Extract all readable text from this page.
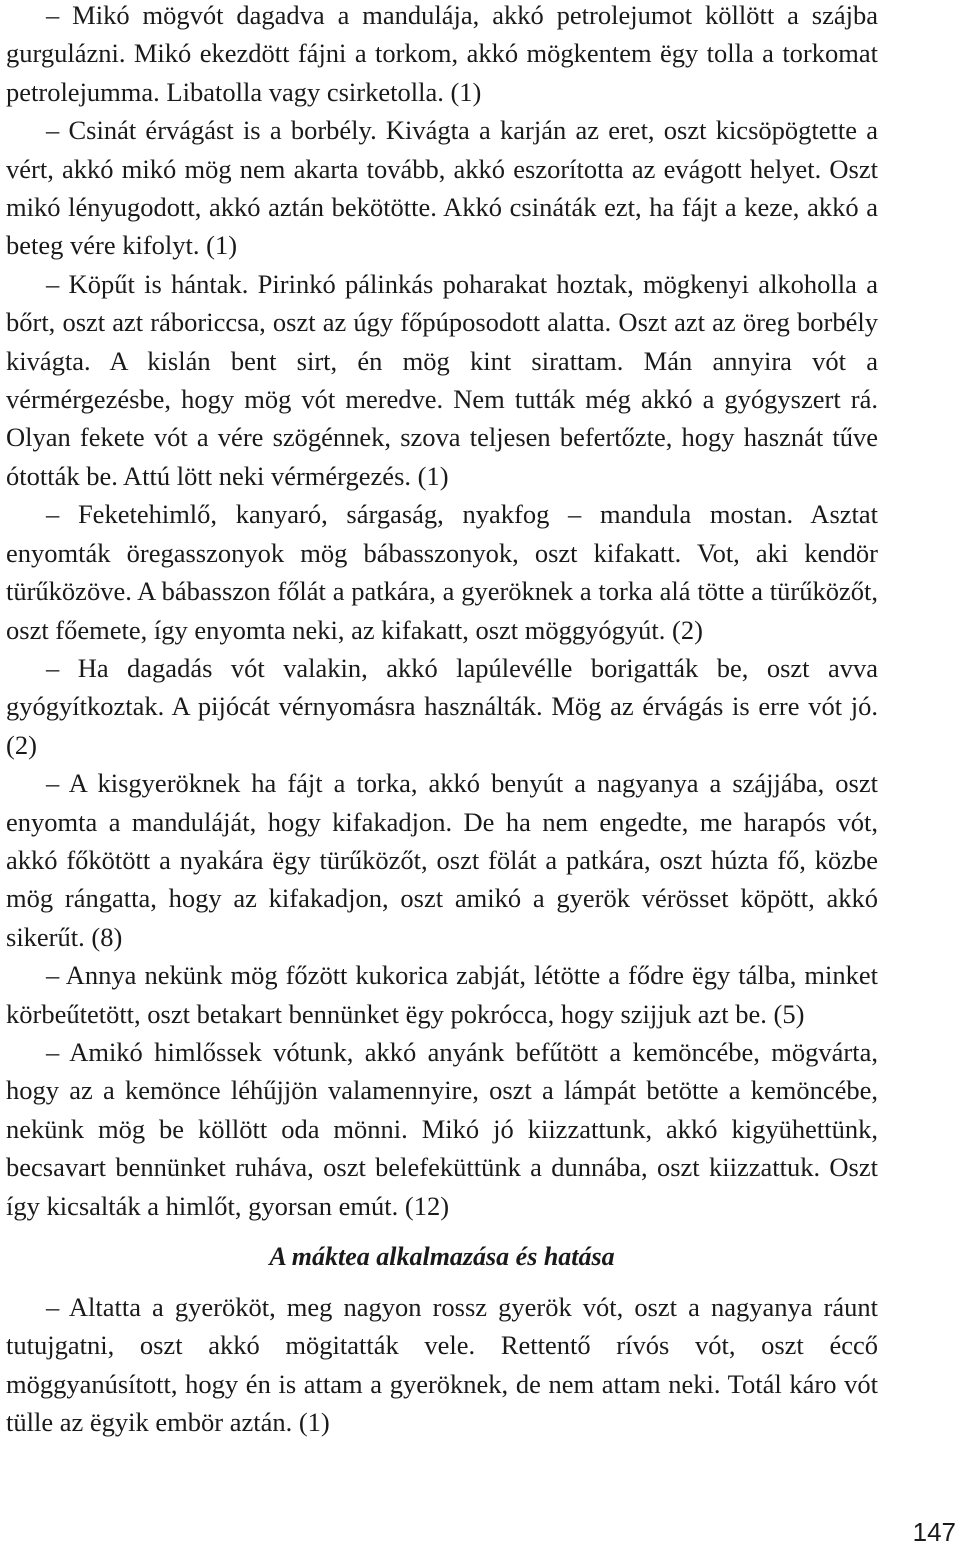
– Mikó mögvót dagadva a mandulája, akkó petrolejumot köllött a szájba gurgulázni. Mikó ekezdött fájni a torkom, akkó mögkentem ëgy tolla a torkomat petrolejumma. Libatolla vagy csirketolla. (1)

– Csinát érvágást is a borbély. Kivágta a karján az eret, oszt kicsöpögtette a vért, akkó mikó mög nem akarta tovább, akkó eszorította az evágott helyet. Oszt mikó lényugodott, akkó aztán bekötötte. Akkó csináták ezt, ha fájt a keze, akkó a beteg vére kifolyt. (1)

– Köpűt is hántak. Pirinkó pálinkás poharakat hoztak, mögkenyi alkoholla a bőrt, oszt azt ráboriccsa, oszt az úgy főpúposodott alatta. Oszt azt az öreg borbély kivágta. A kislán bent sirt, én mög kint sirattam. Mán annyira vót a vérmérgezésbe, hogy mög vót meredve. Nem tutták még akkó a gyógyszert rá. Olyan fekete vót a vére szögénnek, szova teljesen befertőzte, hogy hasznát tűve ótották be. Attú lött neki vérmérgezés. (1)

– Feketehimlő, kanyaró, sárgaság, nyakfog – mandula mostan. Asztat enyomták öregasszonyok mög bábasszonyok, oszt kifakatt. Vot, aki kendör türűközöve. A bábasszon főlát a patkára, a gyeröknek a torka alá tötte a türűközőt, oszt főemete, így enyomta neki, az kifakatt, oszt möggyógyút. (2)

– Ha dagadás vót valakin, akkó lapúlevélle borigatták be, oszt avva gyógyítkoztak. A pijócát vérnyomásra használták. Mög az érvágás is erre vót jó. (2)

– A kisgyeröknek ha fájt a torka, akkó benyút a nagyanya a szájjába, oszt enyomta a manduláját, hogy kifakadjon. De ha nem engedte, me harapós vót, akkó főkötött a nyakára ëgy türűközőt, oszt fölát a patkára, oszt húzta fő, közbe mög rángatta, hogy az kifakadjon, oszt amikó a gyerök vérösset köpött, akkó sikerűt. (8)

– Annya nekünk mög főzött kukorica zabját, létötte a fődre ëgy tálba, minket körbeűtetött, oszt betakart bennünket ëgy pokrócca, hogy szijjuk azt be. (5)

– Amikó himlőssek vótunk, akkó anyánk befűtött a kemöncébe, mögvárta, hogy az a kemönce léhűjjön valamennyire, oszt a lámpát betötte a kemöncébe, nekünk mög be köllött oda mönni. Mikó jó kiizzattunk, akkó kigyühettünk, becsavart bennünket ruháva, oszt belefeküttünk a dunnába, oszt kiizzattuk. Oszt így kicsalták a himlőt, gyorsan emút. (12)

A máktea alkalmazása és hatása

– Altatta a gyerököt, meg nagyon rossz gyerök vót, oszt a nagyanya ráunt tutujgatni, oszt akkó mögitatták vele. Rettentő rívós vót, oszt éccő möggyanúsított, hogy én is attam a gyeröknek, de nem attam neki. Totál káro vót tülle az ëgyik embör aztán. (1)

147
